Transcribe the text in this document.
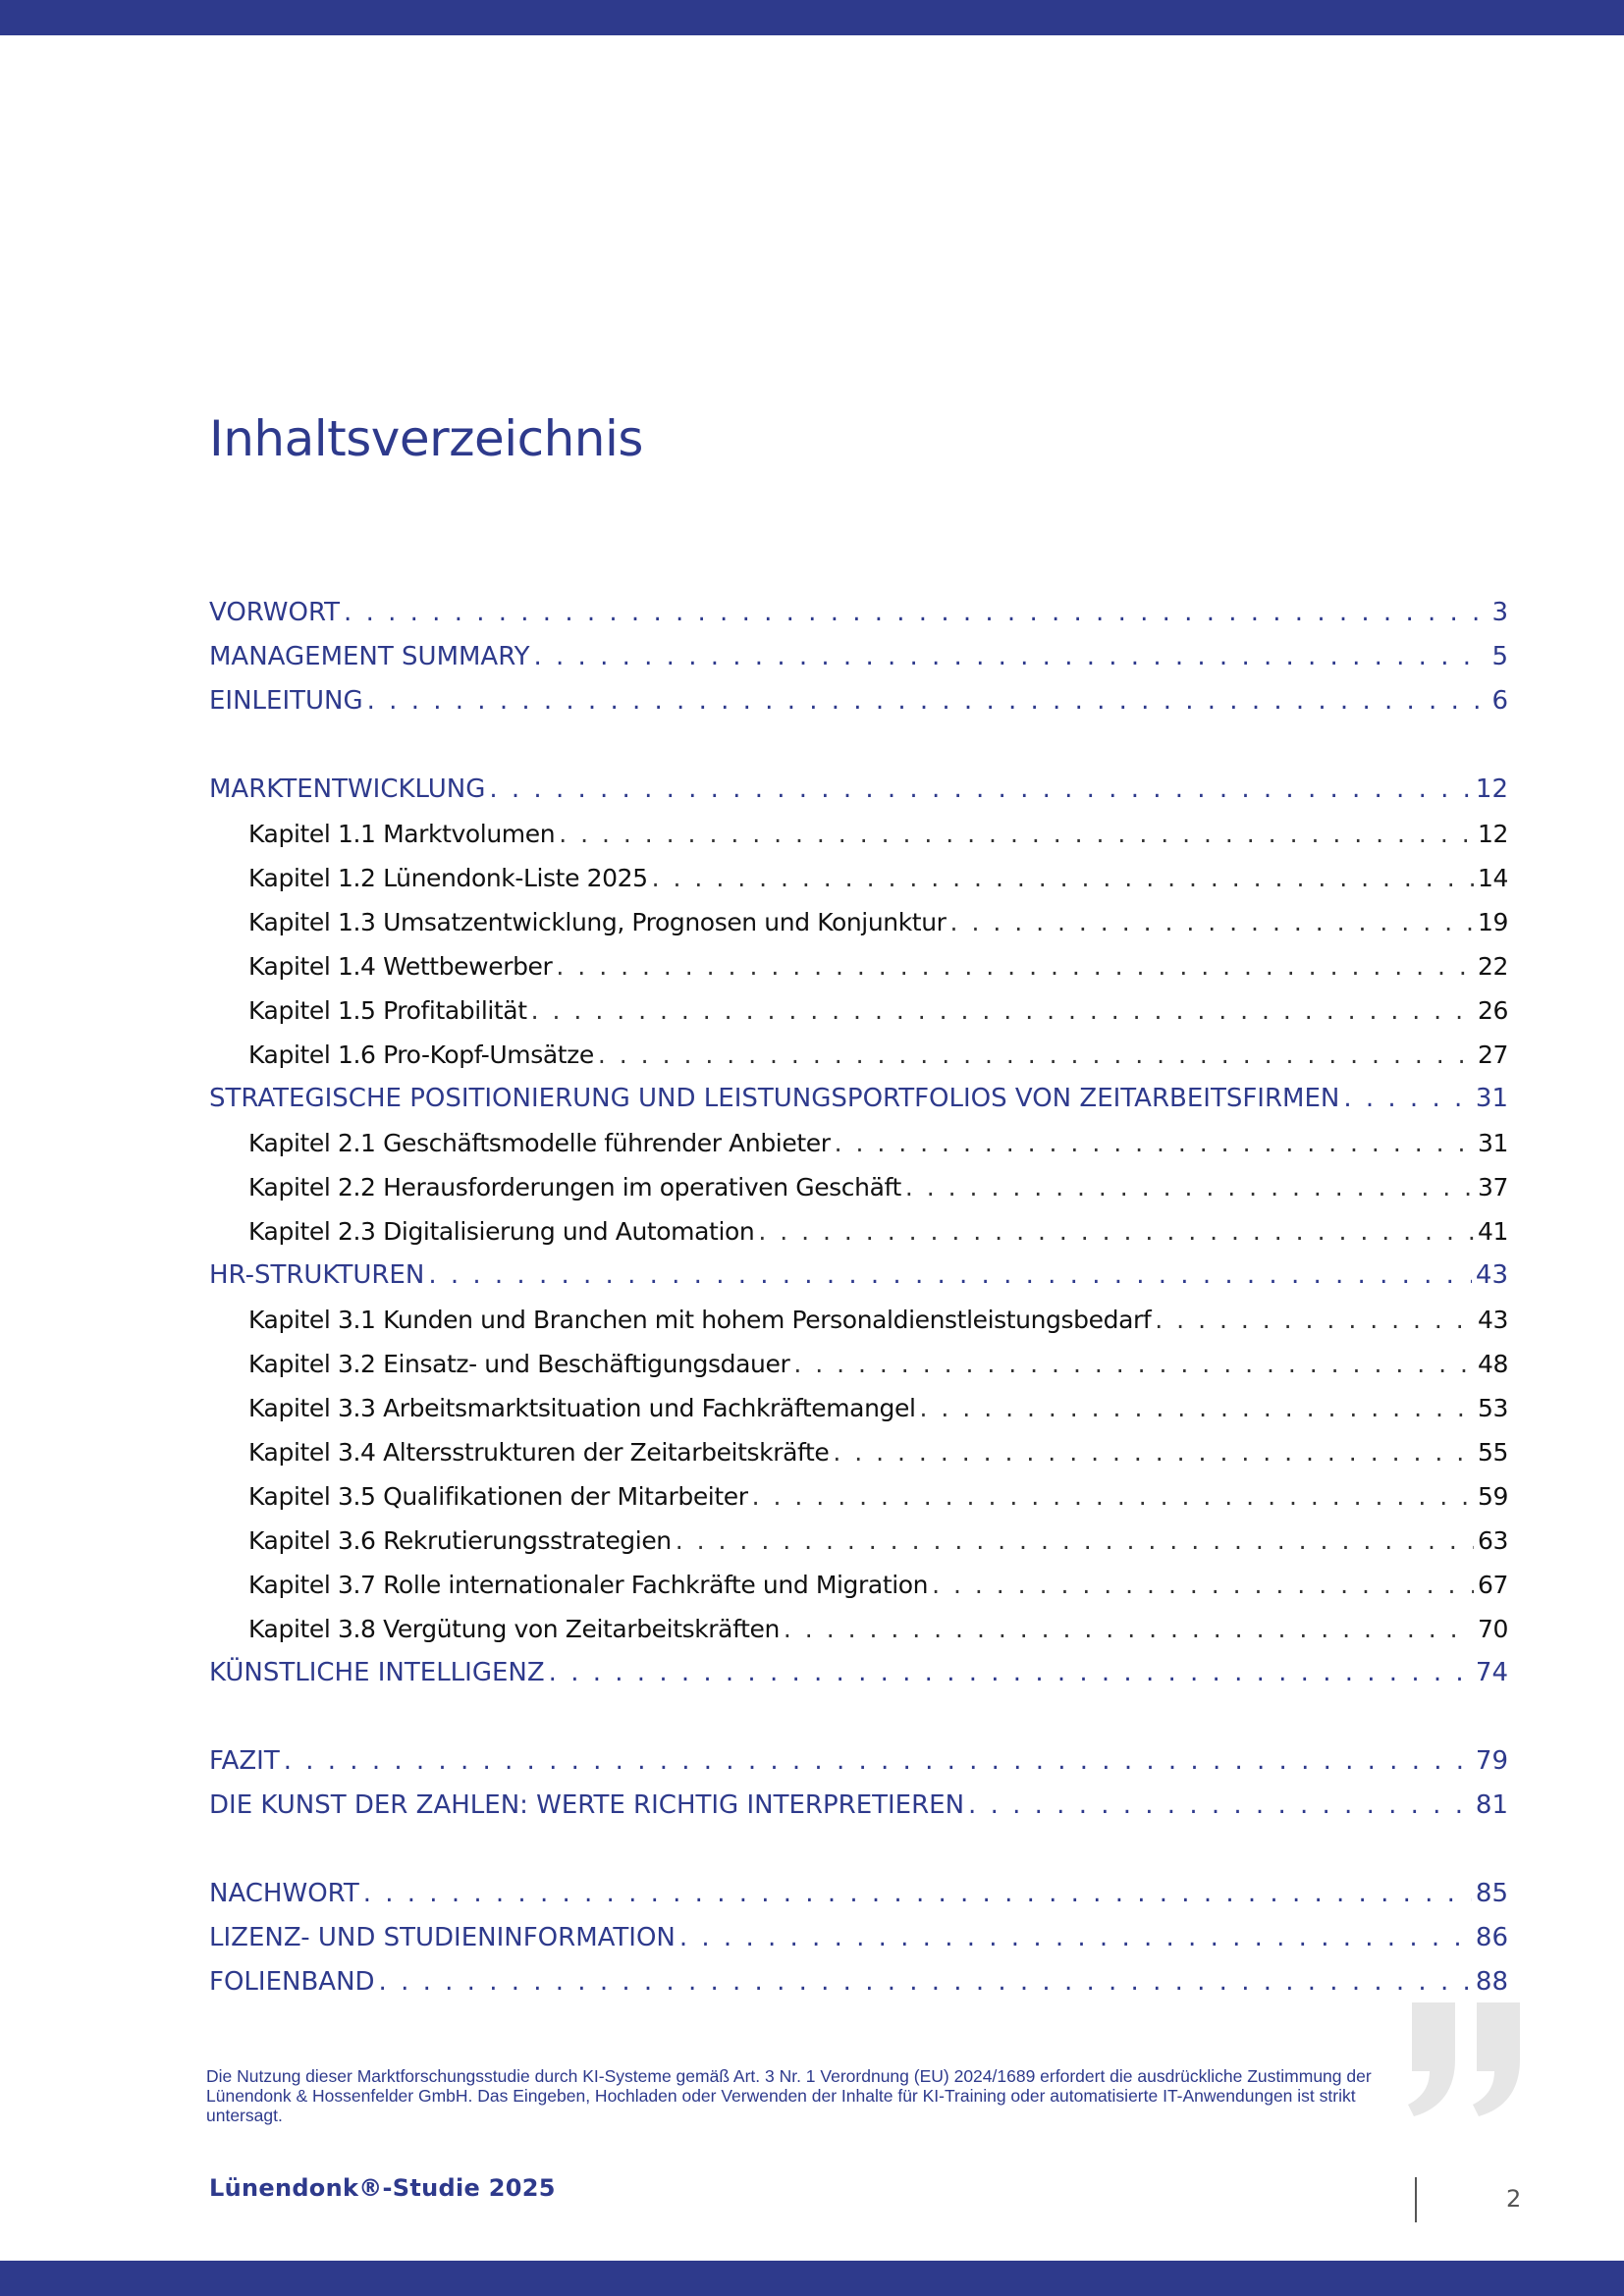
Inhaltsverzeichnis
VORWORT . . .	3
MANAGEMENT SUMMARY . . .	5
EINLEITUNG . . .	6
MARKTENTWICKLUNG . . .	12
Kapitel 1.1 Marktvolumen . . .	12
Kapitel 1.2 Lünendonk-Liste 2025 . . .	14
Kapitel 1.3 Umsatzentwicklung, Prognosen und Konjunktur . . .	19
Kapitel 1.4 Wettbewerber . . .	22
Kapitel 1.5 Profitabilität . . .	26
Kapitel 1.6 Pro-Kopf-Umsätze . . .	27
STRATEGISCHE POSITIONIERUNG UND LEISTUNGSPORTFOLIOS VON ZEITARBEITSFIRMEN . . .	31
Kapitel 2.1 Geschäftsmodelle führender Anbieter . . .	31
Kapitel 2.2 Herausforderungen im operativen Geschäft . . .	37
Kapitel 2.3 Digitalisierung und Automation . . .	41
HR-STRUKTUREN . . .	43
Kapitel 3.1 Kunden und Branchen mit hohem Personaldienstleistungsbedarf . . .	43
Kapitel 3.2 Einsatz- und Beschäftigungsdauer . . .	48
Kapitel 3.3 Arbeitsmarktsituation und Fachkräftemangel . . .	53
Kapitel 3.4 Altersstrukturen der Zeitarbeitskräfte . . .	55
Kapitel 3.5 Qualifikationen der Mitarbeiter . . .	59
Kapitel 3.6 Rekrutierungsstrategien . . .	63
Kapitel 3.7 Rolle internationaler Fachkräfte und Migration . . .	67
Kapitel 3.8 Vergütung von Zeitarbeitskräften . . .	70
KÜNSTLICHE INTELLIGENZ . . .	74
FAZIT . . .	79
DIE KUNST DER ZAHLEN: WERTE RICHTIG INTERPRETIEREN . . .	81
NACHWORT . . .	85
LIZENZ- UND STUDIENINFORMATION . . .	86
FOLIENBAND . . .	88
Die Nutzung dieser Marktforschungsstudie durch KI-Systeme gemäß Art. 3 Nr. 1 Verordnung (EU) 2024/1689 erfordert die ausdrückliche Zustimmung der Lünendonk & Hossenfelder GmbH. Das Eingeben, Hochladen oder Verwenden der Inhalte für KI-Training oder automatisierte IT-Anwendungen ist strikt untersagt.
Lünendonk®-Studie 2025	2
